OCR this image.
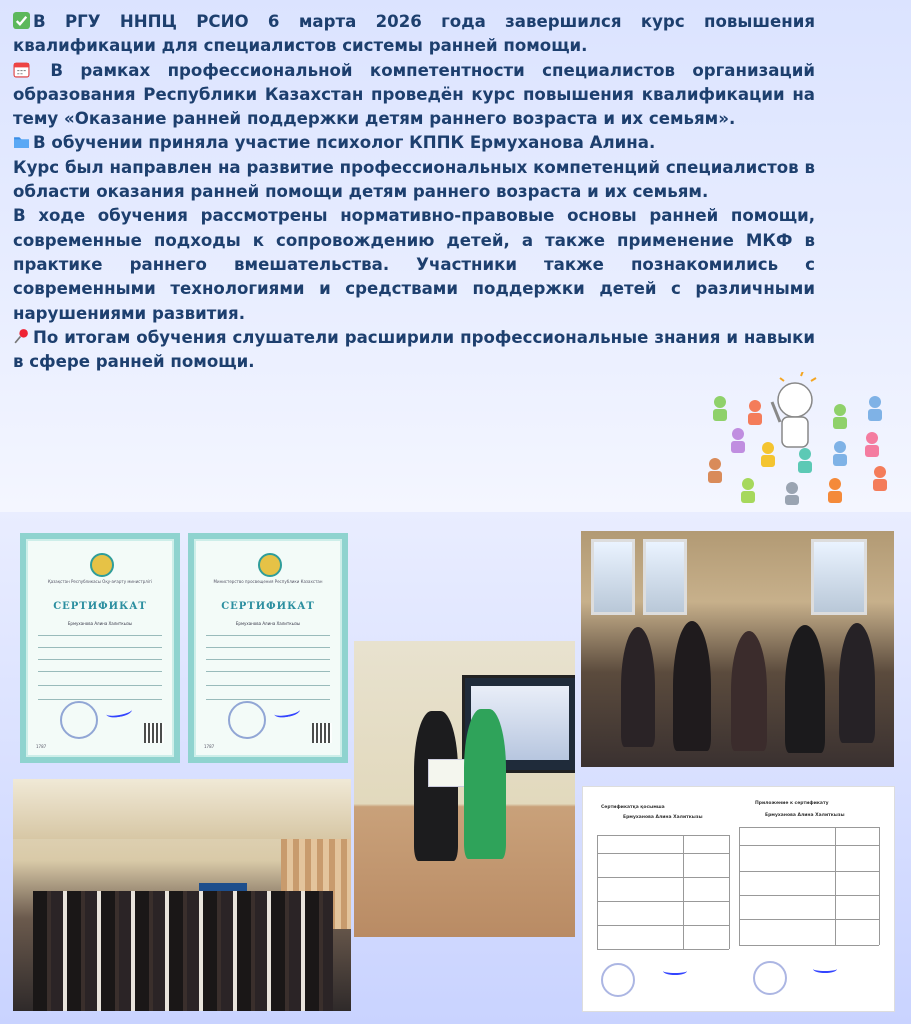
В РГУ ННПЦ РСИО 6 марта 2026 года завершился курс повышения квалификации для специалистов системы ранней помощи.

В рамках профессиональной компетентности специалистов организаций образования Республики Казахстан проведён курс повышения квалификации на тему «Оказание ранней поддержки детям раннего возраста и их семьям».

В обучении приняла участие психолог КППК Ермуханова Алина.

Курс был направлен на развитие профессиональных компетенций специалистов в области оказания ранней помощи детям раннего возраста и их семьям.

В ходе обучения рассмотрены нормативно-правовые основы ранней помощи, современные подходы к сопровождению детей, а также применение МКФ в практике раннего вмешательства. Участники также познакомились с современными технологиями и средствами поддержки детей с различными нарушениями развития.

По итогам обучения слушатели расширили профессиональные знания и навыки в сфере ранней помощи.

Қазақстан Республикасы Оқу-ағарту министрлігі
СЕРТИФИКАТ
Ермуханова Алина Халиткызы
1787
Министерство просвещения Республики Казахстан
СЕРТИФИКАТ
Ермуханова Алина Халиткызы
1787
Сертификатқа қосымша
Ермуханова Алина Халиткызы
Приложение к сертификату
Ермуханова Алина Халиткызы
